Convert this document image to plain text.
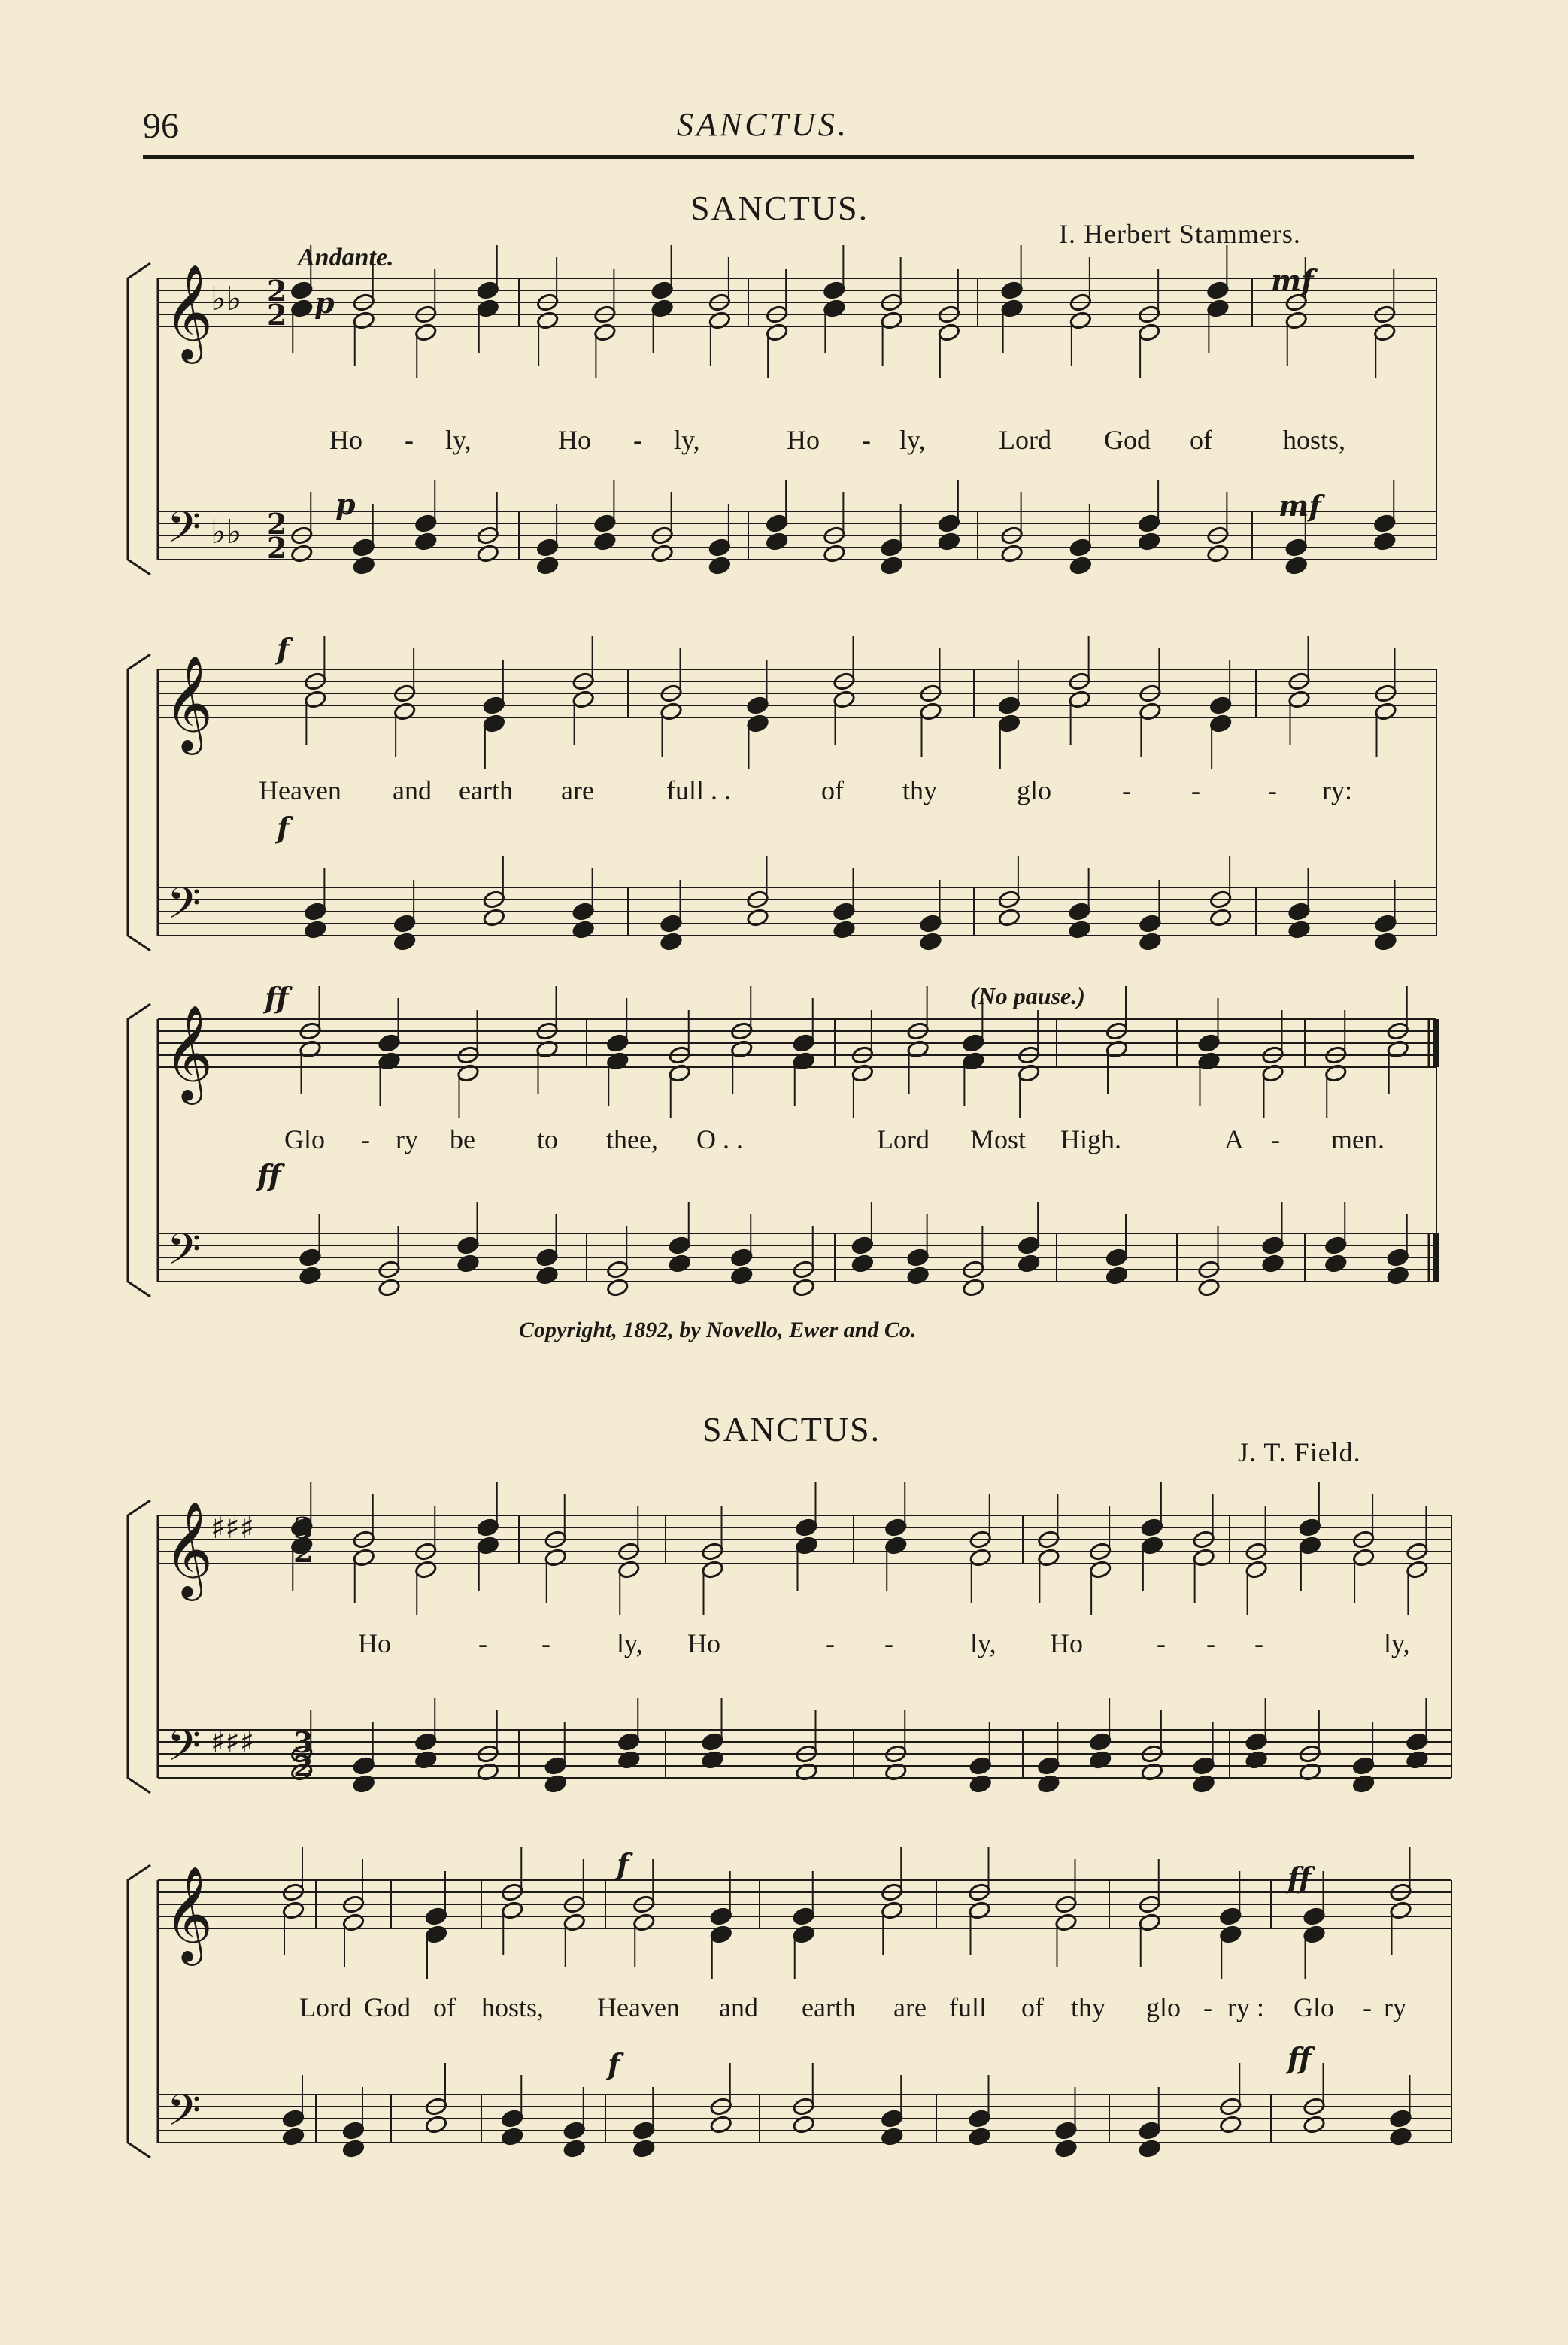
96	SANCTUS.
SANCTUS.
I. Herbert Stammers.
Andante.
p
mf
p	mf
f
f
ff
ff
(No pause.)
Ho - ly,	Ho - ly,	Ho - ly,	Lord God of	hosts,
Heaven and earth are	full . .	of thy	glo	- -	- ry:
Glo - ry be to thee, O . .	Lord Most High.	A - men.
Copyright, 1892, by Novello, Ewer and Co.
SANCTUS.
J. T. Field.
f	ff
f	ff
Ho	- - ly, Ho	- -	ly, Ho	- - -	ly,
Lord God of hosts, Heaven and earth are full of thy glo - ry : Glo - ry
𝄞
𝄢
𝄞
𝄢
𝄞
𝄢
𝄞
𝄢
𝄞
𝄢
♭♭ 2
2
♭♭ 2
2
♯♯♯ 3
2
♯♯♯ 3
2
